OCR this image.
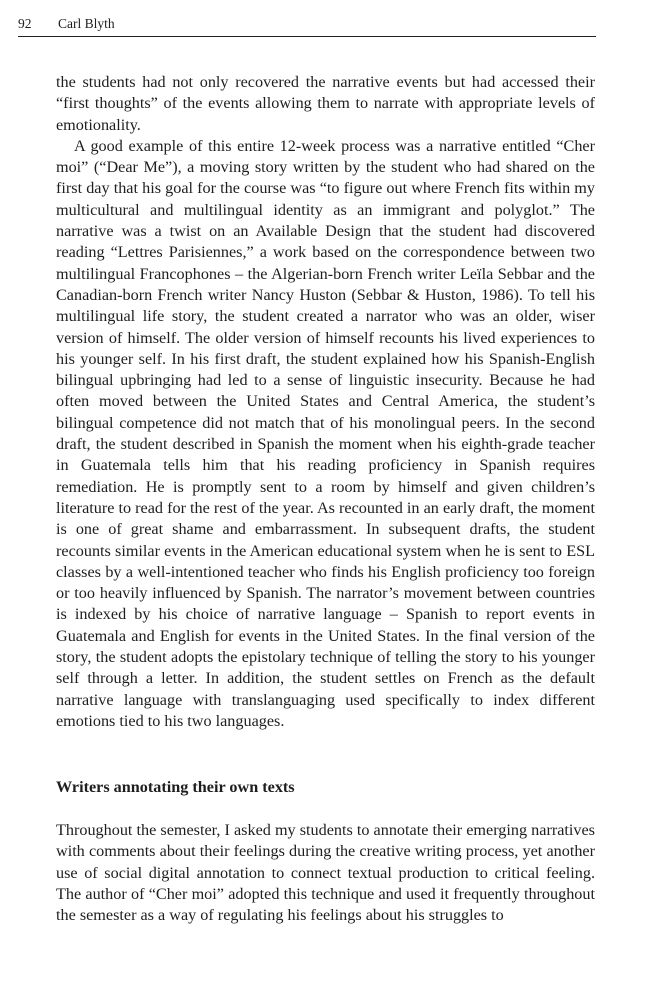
92 Carl Blyth

the students had not only recovered the narrative events but had accessed their “first thoughts” of the events allowing them to narrate with appropriate levels of emotionality.

A good example of this entire 12-week process was a narrative entitled “Cher moi” (“Dear Me”), a moving story written by the student who had shared on the first day that his goal for the course was “to figure out where French fits within my multicultural and multilingual identity as an immigrant and polyglot.” The narrative was a twist on an Available Design that the student had discovered reading “Lettres Parisiennes,” a work based on the correspondence between two multilingual Francophones – the Algerian-born French writer Leïla Sebbar and the Canadian-born French writer Nancy Huston (Sebbar & Huston, 1986). To tell his multilingual life story, the student created a narrator who was an older, wiser version of himself. The older version of himself recounts his lived experiences to his younger self. In his first draft, the student explained how his Spanish-English bilingual upbringing had led to a sense of linguistic insecurity. Because he had often moved between the United States and Central America, the student’s bilingual competence did not match that of his monolingual peers. In the second draft, the student described in Spanish the moment when his eighth-grade teacher in Guatemala tells him that his reading proficiency in Spanish requires remediation. He is promptly sent to a room by himself and given children’s literature to read for the rest of the year. As recounted in an early draft, the moment is one of great shame and embarrassment. In subsequent drafts, the student recounts similar events in the American educational system when he is sent to ESL classes by a well-intentioned teacher who finds his English proficiency too foreign or too heavily influenced by Spanish. The narrator’s movement between countries is indexed by his choice of narrative language – Spanish to report events in Guatemala and English for events in the United States. In the final version of the story, the student adopts the epistolary technique of telling the story to his younger self through a letter. In addition, the student settles on French as the default narrative language with translanguaging used specifically to index different emotions tied to his two languages.

Writers annotating their own texts

Throughout the semester, I asked my students to annotate their emerging narratives with comments about their feelings during the creative writing process, yet another use of social digital annotation to connect textual production to critical feeling. The author of “Cher moi” adopted this technique and used it frequently throughout the semester as a way of regulating his feelings about his struggles to
